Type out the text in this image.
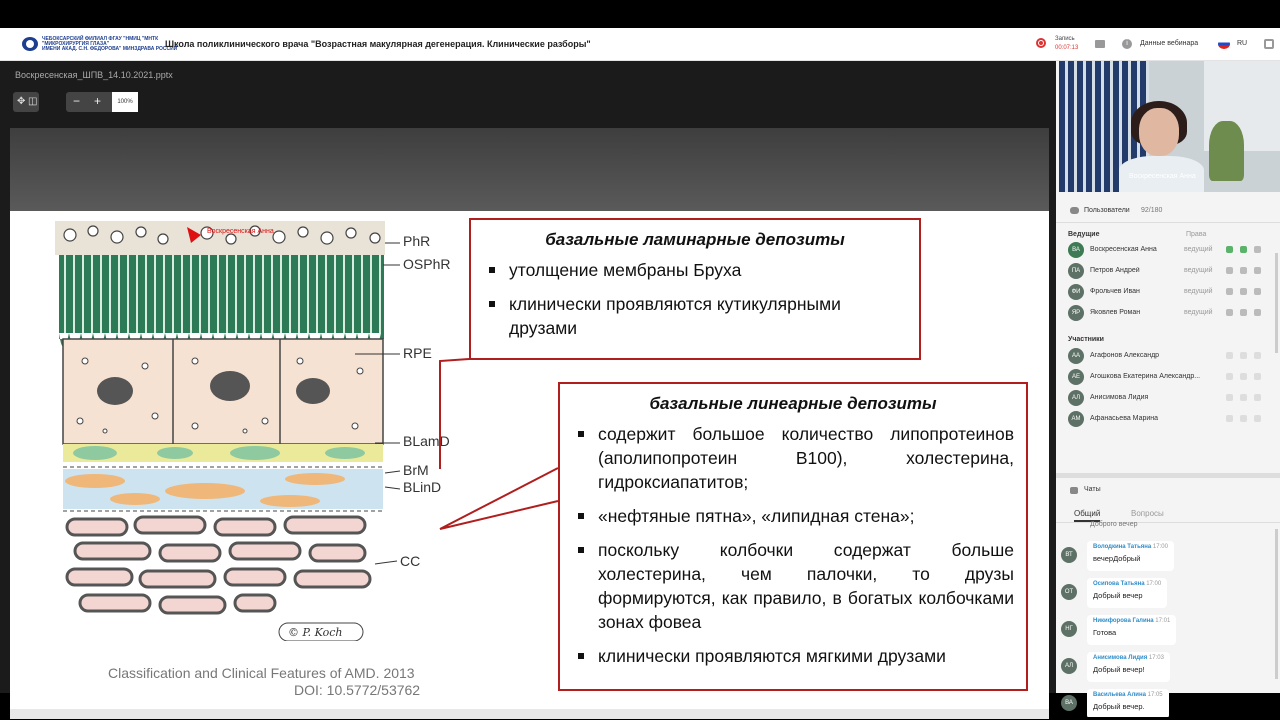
ЧЕБОКСАРСКИЙ ФИЛИАЛ ФГАУ "НМИЦ "МНТК
"МИКРОХИРУРГИЯ ГЛАЗА"
ИМЕНИ АКАД. С.Н. ФЕДОРОВА" МИНЗДРАВА РОССИИ
Школа поликлинического врача "Возрастная макулярная дегенерация. Клинические разборы"	Запись
00:07:13
i	Данные вебинара	RU
Воскресенская_ШПВ_14.10.2021.pptx
✥ ◫	− +	100%
Воскресенская Анна
© P. Koch
PhR
OSPhR
RPE
BLamD
BrM
BLinD
CC
Classification and Clinical Features of AMD. 2013
DOI: 10.5772/53762
базальные ламинарные депозиты
утолщение мембраны Бруха
клинически проявляются кутикулярными друзами
базальные линеарные депозиты
содержит большое количество липопротеинов (аполипопротеин В100), холестерина, гидроксиапатитов;
«нефтяные пятна», «липидная стена»;
поскольку колбочки содержат больше холестерина, чем палочки, то друзы формируются, как правило, в богатых колбочками зонах фовеа
клинически проявляются мягкими друзами
Воскресенская Анна
Пользователи 92/180
Ведущие	Права
ВА	Воскресенская Анна	ведущий
ПА	Петров Андрей	ведущий
ФИ	Фрольчев Иван	ведущий
ЯР	Яковлев Роман	ведущий
Участники
АА	Агафонов Александр
АЕ	Агошкова Екатерина Александр...
АЛ	Анисимова Лидия
АМ	Афанасьева Марина
Чаты
Общий	Вопросы
Доброго вечер
ВТ
Володкина Татьяна 17:00
вечерДобрый
ОТ
Осипова Татьяна 17:00
Добрый вечер
НГ
Никифорова Галина 17:01
Готова
АЛ
Анисимова Лидия 17:03
Добрый вечер!
ВА
Васильева Алина 17:05
Добрый вечер.
